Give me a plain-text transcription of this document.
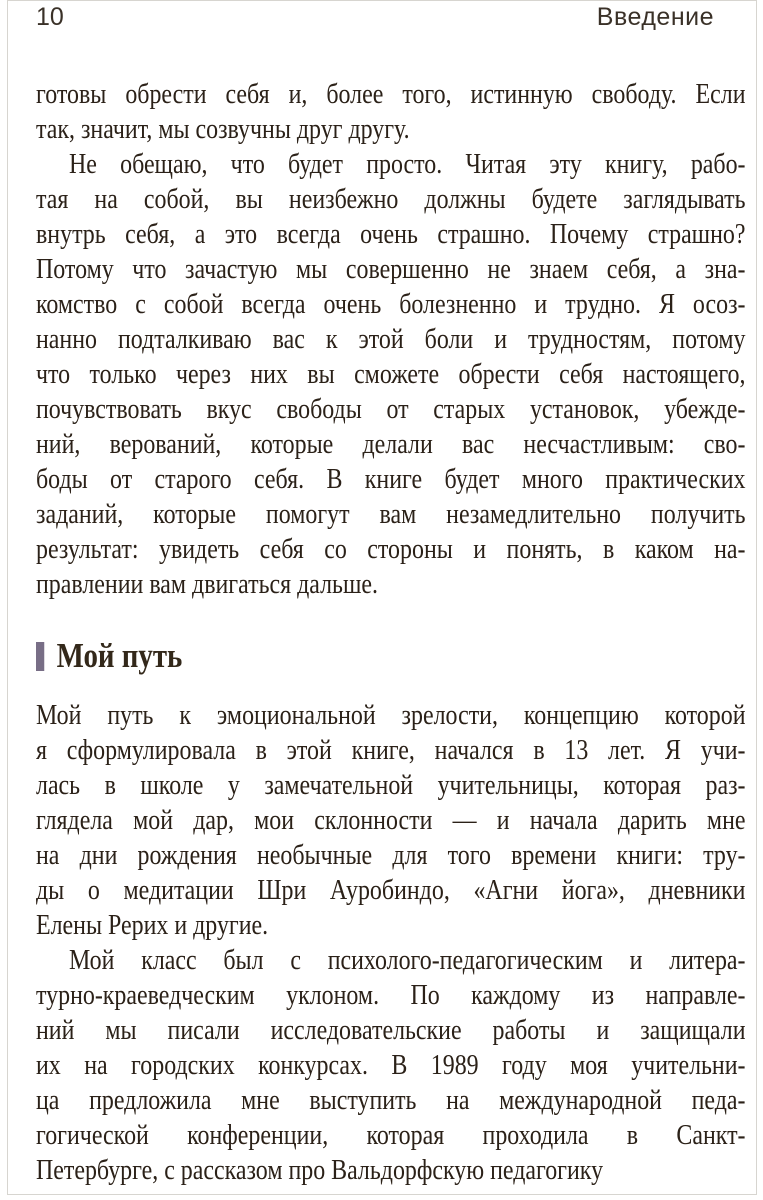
10	Введение
готовы обрести себя и, более того, истинную свободу. Если
так, значит, мы созвучны друг другу.
Не обещаю, что будет просто. Читая эту книгу, рабо-
тая на собой, вы неизбежно должны будете заглядывать
внутрь себя, а это всегда очень страшно. Почему страшно?
Потому что зачастую мы совершенно не знаем себя, а зна-
комство с собой всегда очень болезненно и трудно. Я осоз-
нанно подталкиваю вас к этой боли и трудностям, потому
что только через них вы сможете обрести себя настоящего,
почувствовать вкус свободы от старых установок, убежде-
ний, верований, которые делали вас несчастливым: сво-
боды от старого себя. В книге будет много практических
заданий, которые помогут вам незамедлительно получить
результат: увидеть себя со стороны и понять, в каком на-
правлении вам двигаться дальше.
Мой путь
Мой путь к эмоциональной зрелости, концепцию которой
я сформулировала в этой книге, начался в 13 лет. Я учи-
лась в школе у замечательной учительницы, которая раз-
глядела мой дар, мои склонности — и начала дарить мне
на дни рождения необычные для того времени книги: тру-
ды о медитации Шри Ауробиндо, «Агни йога», дневники
Елены Рерих и другие.
Мой класс был с психолого-педагогическим и литера-
турно-краеведческим уклоном. По каждому из направле-
ний мы писали исследовательские работы и защищали
их на городских конкурсах. В 1989 году моя учительни-
ца предложила мне выступить на международной педа-
гогической конференции, которая проходила в Санкт-
Петербурге, с рассказом про Вальдорфскую педагогику
